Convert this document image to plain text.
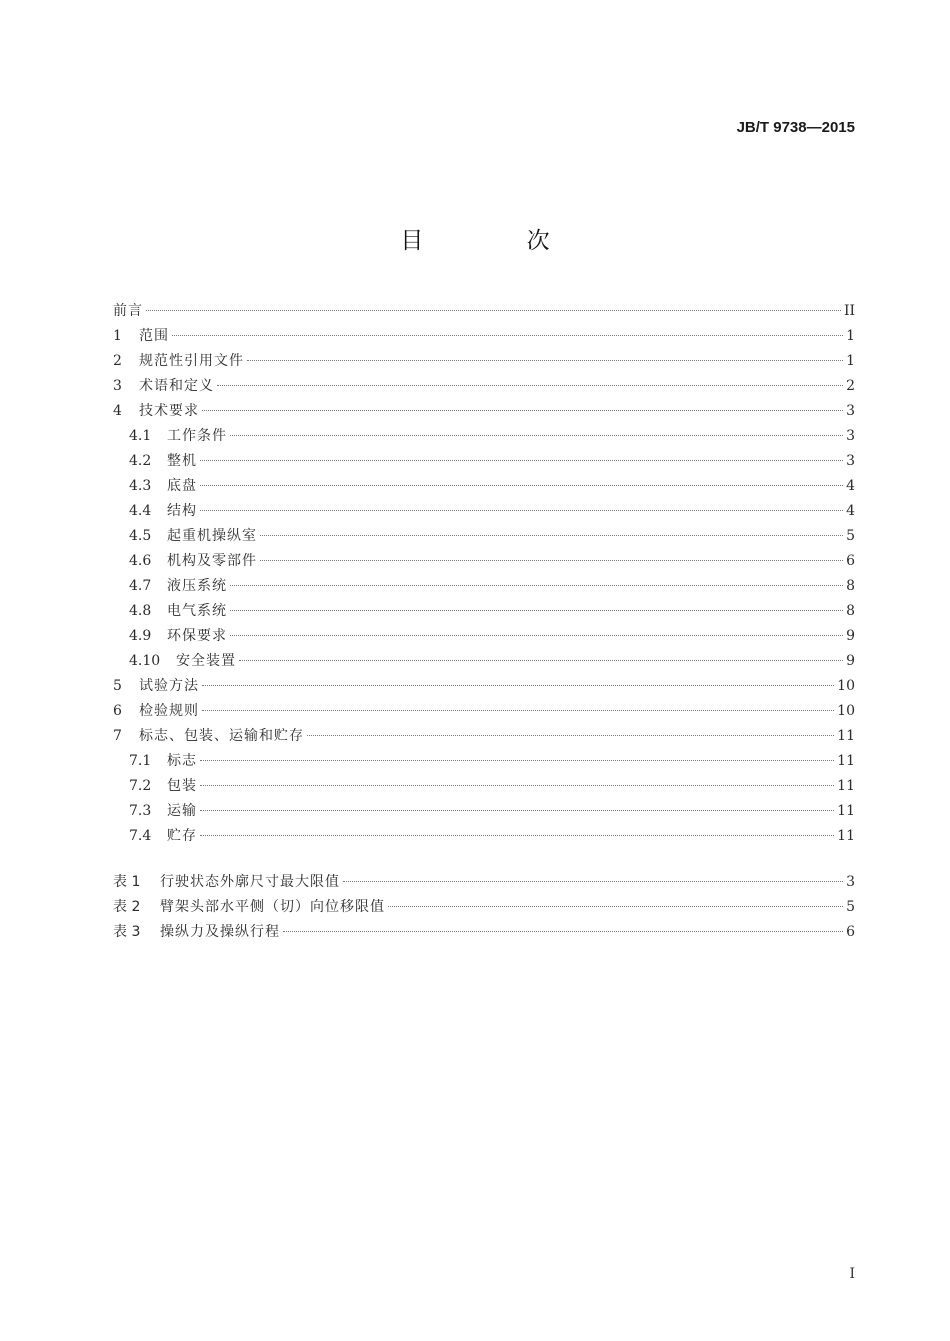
JB/T 9738—2015
目 次
前言	II
1	范围	1
2	规范性引用文件	1
3	术语和定义	2
4	技术要求	3
4.1	工作条件	3
4.2	整机	3
4.3	底盘	4
4.4	结构	4
4.5	起重机操纵室	5
4.6	机构及零部件	6
4.7	液压系统	8
4.8	电气系统	8
4.9	环保要求	9
4.10	安全装置	9
5	试验方法	10
6	检验规则	10
7	标志、包装、运输和贮存	11
7.1	标志	11
7.2	包装	11
7.3	运输	11
7.4	贮存	11
表 1	行驶状态外廓尺寸最大限值	3
表 2	臂架头部水平侧（切）向位移限值	5
表 3	操纵力及操纵行程	6
I
